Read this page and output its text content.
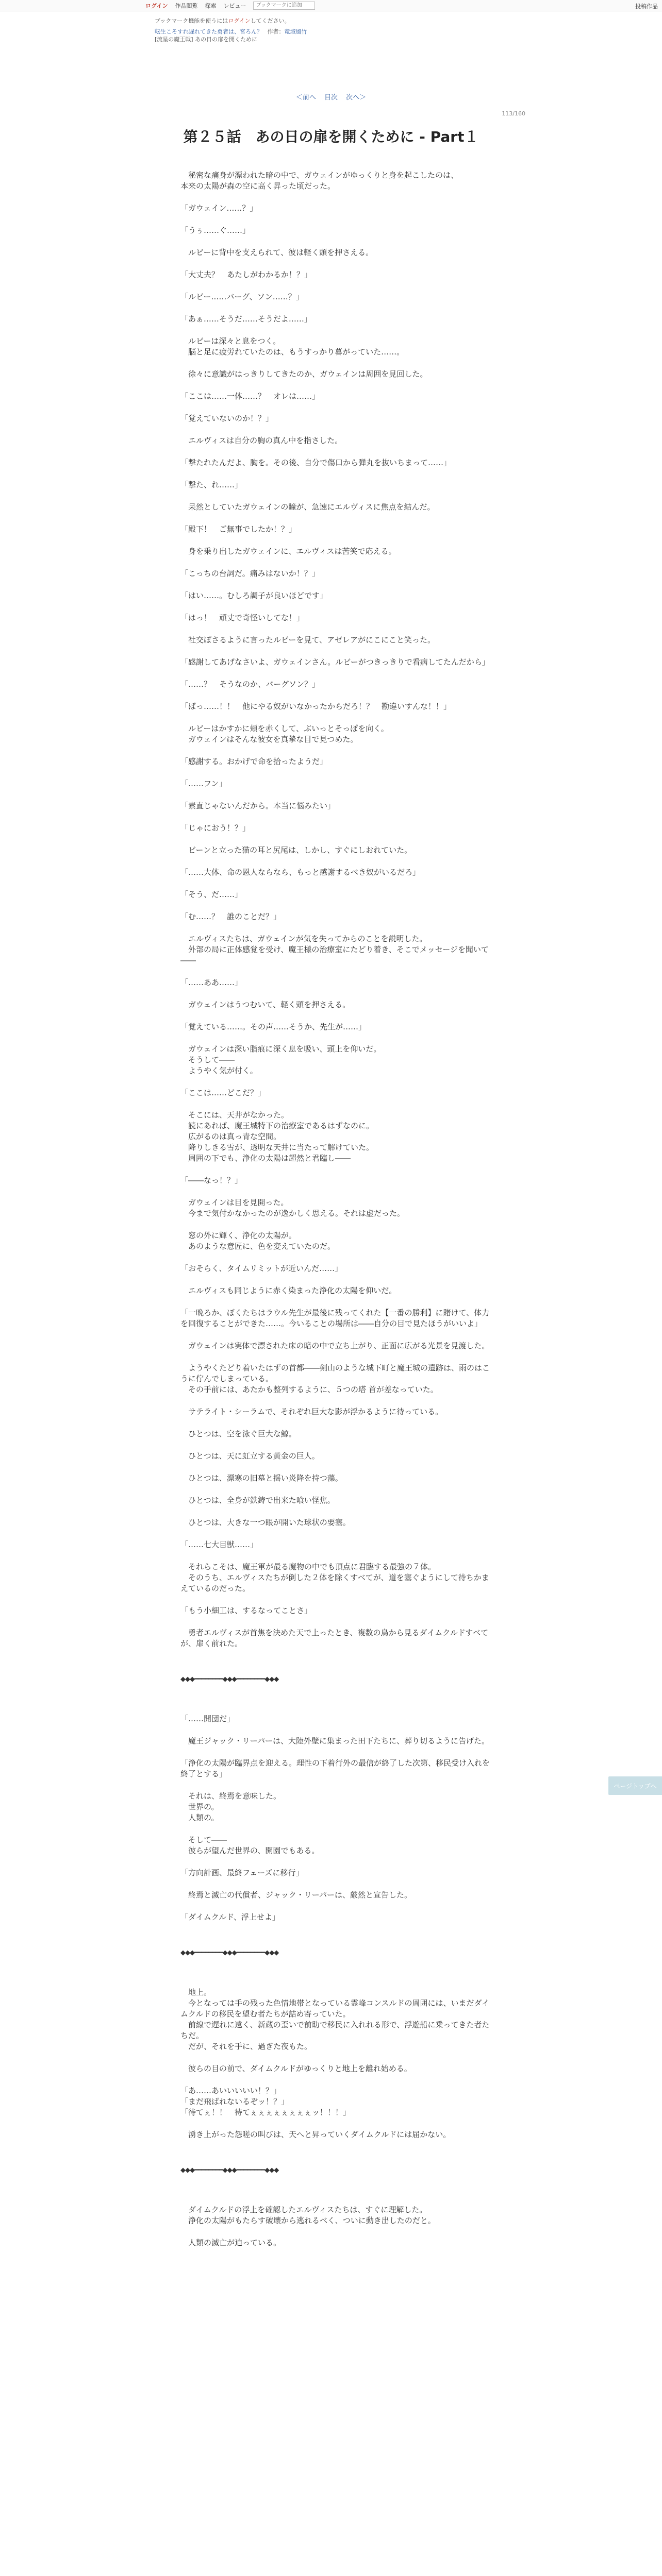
ログイン 作品閲覧 探索 レビュー
ブックマークに追加	投稿作品
ブックマーク機能を使うにはログインしてください。
転生こそすれ遅れてきた勇者は、宮ろん？ 作者：竜域風竹
[流星の魔王戦] あの日の扉を開くために
＜前へ 目次 次へ＞
113/160
第２５話　あの日の扉を開くために - Part１

　秘密な痛身が漂われた暗の中で、ガウェインがゆっくりと身を起こしたのは、
本来の太陽が森の空に高く昇った頃だった。

「ガウェイン……？」

「うぅ……ぐ……」

　ルビーに背中を支えられて、彼は軽く頭を押さえる。

「大丈夫？　あたしがわかるか！？」

「ルビー……バーグ、ソン……？」

「あぁ……そうだ……そうだよ……」

　ルビーは深々と息をつく。
　脳と足に疲労れていたのは、もうすっかり暮がっていた……。

　徐々に意識がはっきりしてきたのか、ガウェインは周囲を見回した。

「ここは……一体……？　オレは……」

「覚えていないのか！？」

　エルヴィスは自分の胸の真ん中を指さした。

「撃たれたんだよ、胸を。その後、自分で傷口から弾丸を抜いちまって……」

「撃た、れ……」

　呆然としていたガウェインの瞳が、急速にエルヴィスに焦点を結んだ。

「殿下！　ご無事でしたか！？」

　身を乗り出したガウェインに、エルヴィスは苦笑で応える。

「こっちの台詞だ。痛みはないか！？」

「はい……。むしろ調子が良いほどです」

「はっ！　頑丈で奇怪いしてな！」

　社交ぽさるように言ったルビーを見て、アゼレアがにこにこと笑った。

「感謝してあげなさいよ、ガウェインさん。ルビーがつきっきりで看病してたんだから」

「……？　そうなのか、バーグソン？」

「ばっ……！！　他にやる奴がいなかったからだろ！？　勘違いすんな！！」

　ルビーはかすかに頬を赤くして、ぶいっとそっぽを向く。
　ガウェインはそんな彼女を真摯な目で見つめた。

「感謝する。おかげで命を拾ったようだ」

「……フン」

「素直じゃないんだから。本当に悩みたい」

「じゃにおう！？」

　ビーンと立った猫の耳と尻尾は、しかし、すぐにしおれていた。

「……大体、命の恩人ならなら、もっと感謝するべき奴がいるだろ」

「そう、だ……」

「む……？　誰のことだ？」

　エルヴィスたちは、ガウェインが気を失ってからのことを説明した。
　外部の局に正体感覚を受け、魔王様の治療室にたどり着き、そこでメッセージを聞いて――

「……ああ……」

　ガウェインはうつむいて、軽く頭を押さえる。

「覚えている……。その声……そうか、先生が……」

　ガウェインは深い脂痕に深く息を吸い、頭上を仰いだ。
　そうして――
　ようやく気が付く。

「ここは……どこだ？」

　そこには、天井がなかった。
　読にあれば、魔王城特下の治療室であるはずなのに。
　広がるのは真っ青な空間。
　降りしきる雪が、透明な天井に当たって解けていた。
　周囲の下でも、浄化の太陽は超然と君臨し――

「――なっ！？」

　ガウェインは目を見開った。
　今まで気付かなかったのが逸かしく思える。それは虚だった。

　窓の外に輝く、浄化の太陽が。
　あのような意匠に、色を変えていたのだ。

「おそらく、タイムリミットが近いんだ……」

　エルヴィスも同じように赤く染まった浄化の太陽を仰いだ。

「一晩ろか、ぼくたちはラウル先生が最後に残ってくれた【一番の勝利】に賭けて、体力を回復することができた……。今いることの場所は――自分の目で見たほうがいいよ」

　ガウェインは実体で漂された床の暗の中で立ち上がり、正面に広がる光景を見渡した。

　ようやくたどり着いたはずの首都――剣山のような城下町と魔王城の遺跡は、雨のはこうに佇んでしまっている。
　その手前には、あたかも整列するように、５つの塔 首が差なっていた。

　サテライト・シーラムで、それぞれ巨大な影が浮かるように待っている。

　ひとつは、空を泳ぐ巨大な鯨。

　ひとつは、天に虹立する黄金の巨人。

　ひとつは、漂寒の旧墓と揺い炎降を持つ藻。

　ひとつは、全身が鉄鋳で出来た喰い怪焦。

　ひとつは、大きな一つ眼が開いた球状の要塞。

「……七大目獣……」

　それらこそは、魔王軍が最る魔物の中でも頂点に君臨する最強の７体。
　そのうち、エルヴィスたちが倒した２体を除くすべてが、道を塞ぐようにして待ちかまえているのだった。

「もう小細工は、するなってことさ」

　勇者エルヴィスが首焦を決めた天で上ったとき、複数の鳥から見るダイムクルドすべてが、扉く前れた。

◆◆◆━━━━━━━━◆◆◆━━━━━━━━◆◆◆

「……開団だ」

　魔王ジャック・リーパーは、大陸外壁に集まった田下たちに、葬り切るように告げた。

「浄化の太陽が臨界点を迎える。理性の下着行外の最信が終了した次第、移民受け入れを終了とする」

　それは、終焉を意味した。
　世界の。
　人類の。

　そして――
　彼らが望んだ世界の、開園でもある。

「方向計画、最終フェーズに移行」

　終焉と滅亡の代償者、ジャック・リーパーは、厳然と宣告した。

「ダイムクルド、浮上せよ」

◆◆◆━━━━━━━━◆◆◆━━━━━━━━◆◆◆

　地上。
　今となっては手の残った色情地帯となっている霊峰コンスルドの周囲には、いまだダイムクルドの移民を望む者たちが詰め寄っていた。
　前線で遅れに遠く、新蔵の歪いで前助で移民に入れれる形で、浮遊船に乗ってきた者たちだ。
　だが、それを手に、過ぎた夜もた。

　彼らの目の前で、ダイムクルドがゆっくりと地上を離れ始める。

「あ……あいいいいい！？」
「まだ飛ばれないるぞッ！？」
「待てぇ！！　待てぇぇぇぇぇぇぇぇッ！！！」

　湧き上がった怨嗟の叫びは、天へと昇っていくダイムクルドには届かない。

◆◆◆━━━━━━━━◆◆◆━━━━━━━━◆◆◆

　ダイムクルドの浮上を確認したエルヴィスたちは、すぐに理解した。
　浄化の太陽がもたらす破壊から逃れるべく、ついに動き出したのだと。

　人類の滅亡が迫っている。

ページトップへ
